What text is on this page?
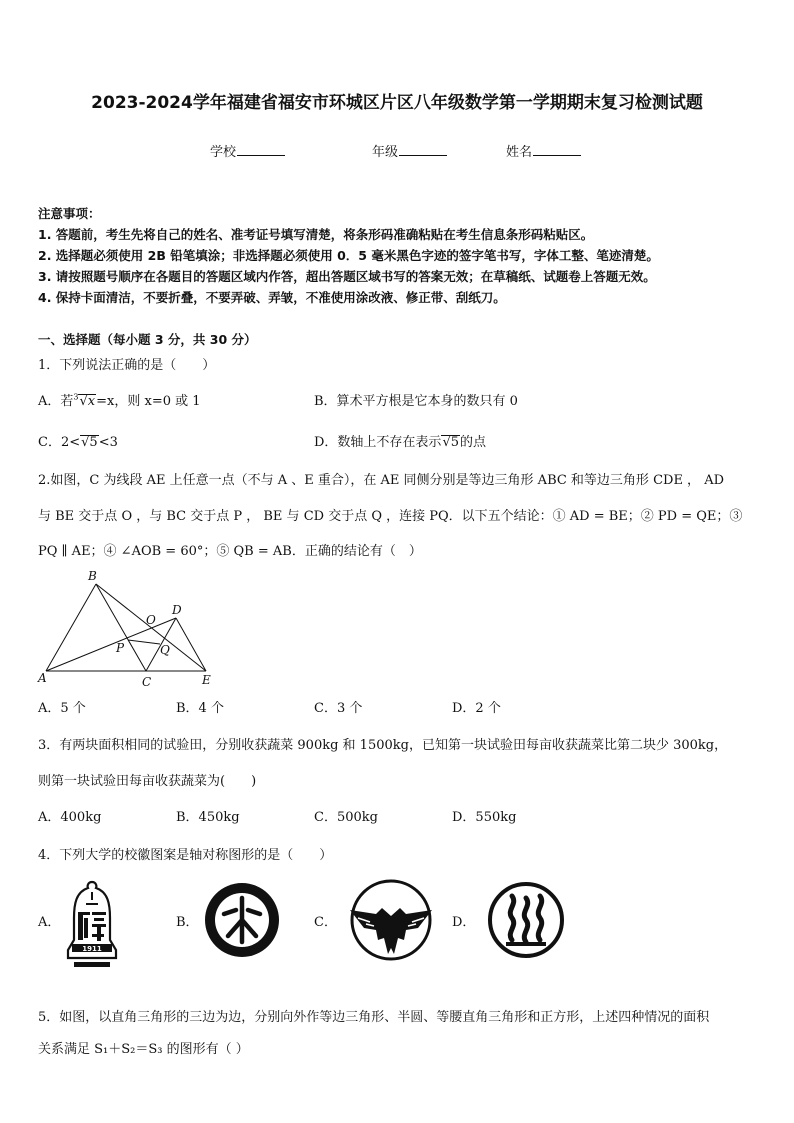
2023-2024学年福建省福安市环城区片区八年级数学第一学期期末复习检测试题
学校	年级	姓名
注意事项：
1. 答题前，考生先将自己的姓名、准考证号填写清楚，将条形码准确粘贴在考生信息条形码粘贴区。
2. 选择题必须使用 2B 铅笔填涂；非选择题必须使用 0．5 毫米黑色字迹的签字笔书写，字体工整、笔迹清楚。
3. 请按照题号顺序在各题目的答题区域内作答，超出答题区域书写的答案无效；在草稿纸、试题卷上答题无效。
4. 保持卡面清洁，不要折叠，不要弄破、弄皱，不准使用涂改液、修正带、刮纸刀。
一、选择题（每小题 3 分，共 30 分）
1．下列说法正确的是（　　）
A．若$^3$√x=x，则 x=0 或 1	B．算术平方根是它本身的数只有 0
C．2<√5<3	D．数轴上不存在表示√5的点
2.如图，C 为线段 AE 上任意一点（不与 A 、E 重合），在 AE 同侧分别是等边三角形 ABC 和等边三角形 CDE ， AD
与 BE 交于点 O ，与 BC 交于点 P ， BE 与 CD 交于点 Q ，连接 PQ．以下五个结论：① AD = BE；② PD = QE；③
PQ ∥ AE；④ ∠AOB = 60°；⑤ QB = AB．正确的结论有（　）
B
D
O
P	Q
A	C	E
A．5 个	B．4 个	C．3 个	D．2 个
3．有两块面积相同的试验田，分别收获蔬菜 900kg 和 1500kg，已知第一块试验田每亩收获蔬菜比第二块少 300kg，
则第一块试验田每亩收获蔬菜为(　　)
A．400kg	B．450kg	C．500kg	D．550kg
4．下列大学的校徽图案是轴对称图形的是（　　）
A．	B．	C．	D．
1911
5．如图，以直角三角形的三边为边，分别向外作等边三角形、半圆、等腰直角三角形和正方形，上述四种情况的面积
关系满足 S₁＋S₂＝S₃ 的图形有（ ）
